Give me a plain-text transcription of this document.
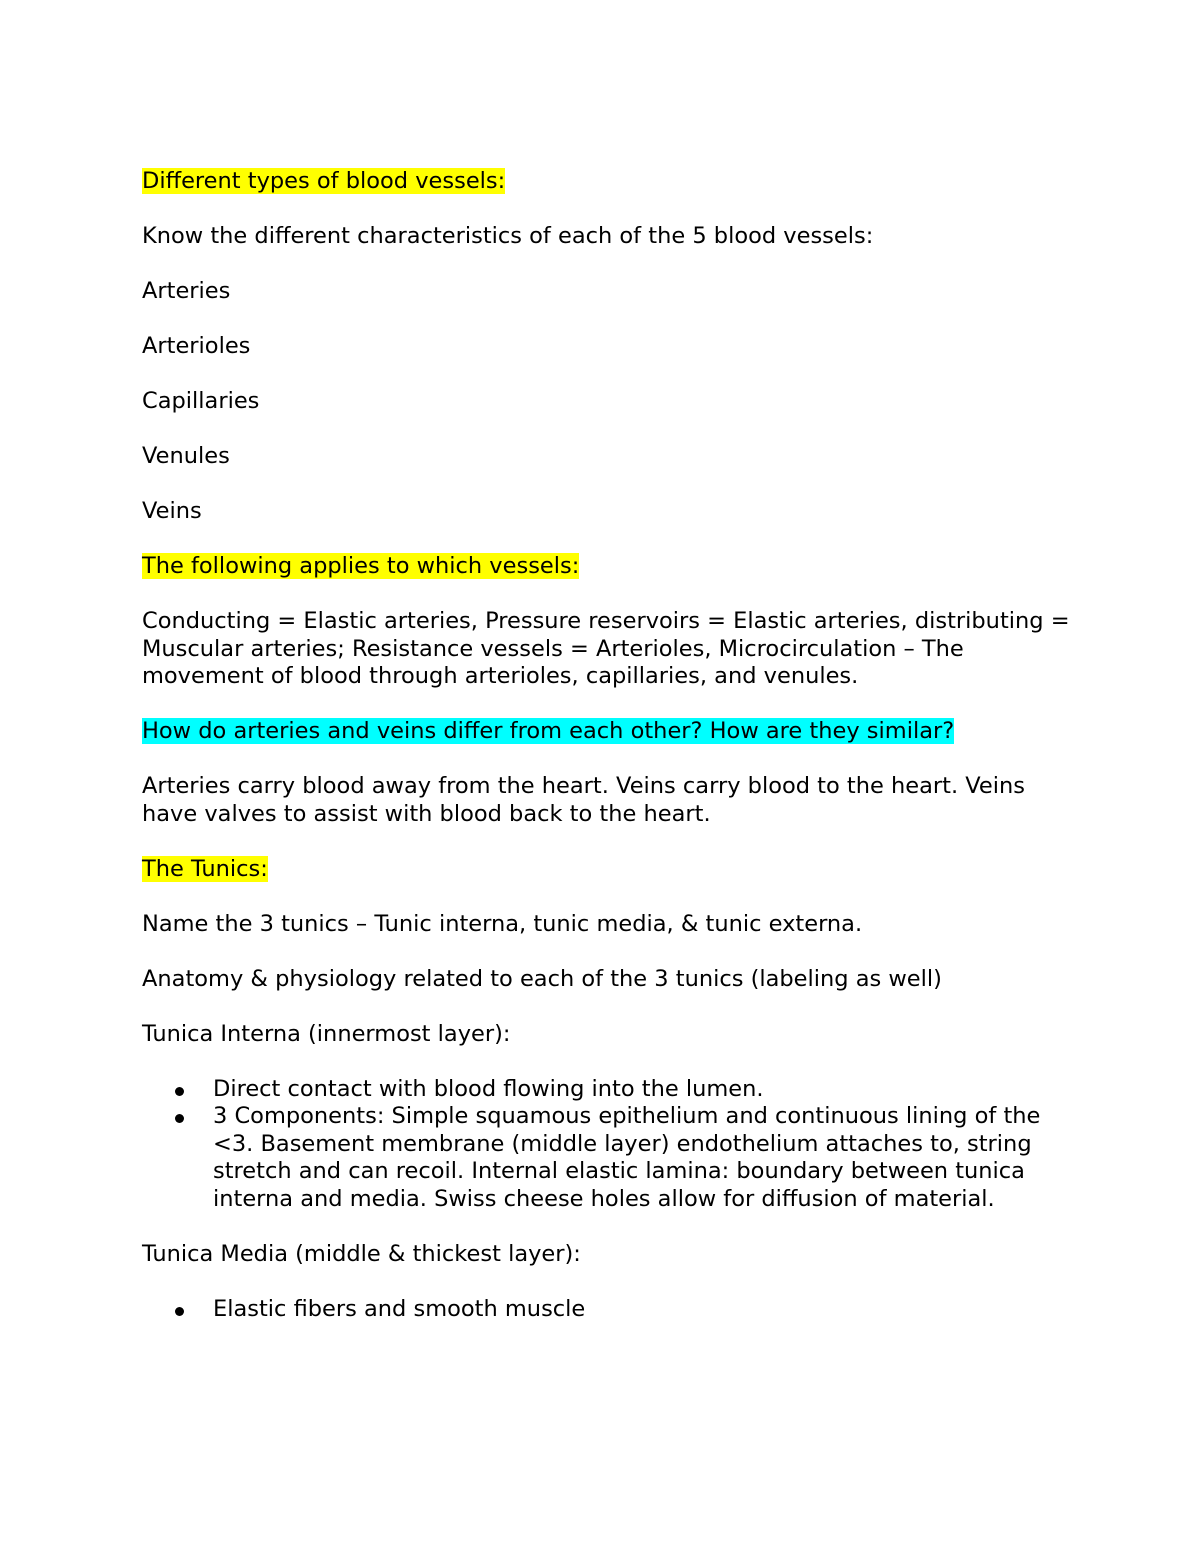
Different types of blood vessels:

Know the different characteristics of each of the 5 blood vessels:

Arteries

Arterioles

Capillaries

Venules

Veins

The following applies to which vessels:

Conducting = Elastic arteries, Pressure reservoirs = Elastic arteries, distributing = Muscular arteries; Resistance vessels = Arterioles, Microcirculation – The movement of blood through arterioles, capillaries, and venules.

How do arteries and veins differ from each other? How are they similar?

Arteries carry blood away from the heart. Veins carry blood to the heart. Veins have valves to assist with blood back to the heart.

The Tunics:

Name the 3 tunics – Tunic interna, tunic media, & tunic externa.

Anatomy & physiology related to each of the 3 tunics (labeling as well)

Tunica Interna (innermost layer):

Direct contact with blood flowing into the lumen.
3 Components: Simple squamous epithelium and continuous lining of the <3. Basement membrane (middle layer) endothelium attaches to, string stretch and can recoil. Internal elastic lamina: boundary between tunica interna and media. Swiss cheese holes allow for diffusion of material.

Tunica Media (middle & thickest layer):

Elastic fibers and smooth muscle
